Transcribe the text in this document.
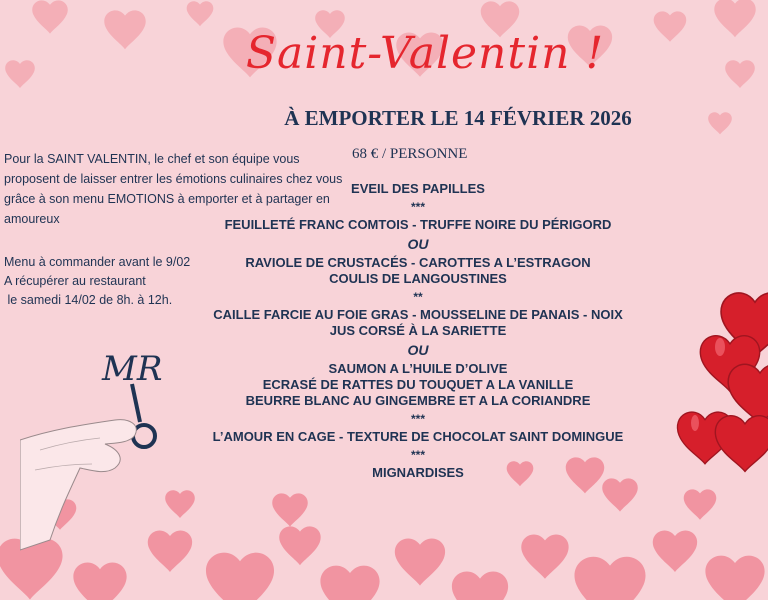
Saint-Valentin !
À EMPORTER LE 14 FÉVRIER 2026
Pour la SAINT VALENTIN, le chef et son équipe vous proposent de laisser entrer les émotions culinaires chez vous grâce à son menu EMOTIONS à emporter et à partager en amoureux
Menu à commander avant le 9/02
A récupérer au restaurant
le samedi 14/02 de 8h. à 12h.
68 € / PERSONNE
EVEIL DES PAPILLES
***
FEUILLETÉ FRANC COMTOIS - TRUFFE NOIRE DU PÉRIGORD
OU
RAVIOLE DE CRUSTACÉS - CAROTTES A L’ESTRAGON
COULIS DE LANGOUSTINES
**
CAILLE FARCIE AU FOIE GRAS - MOUSSELINE DE PANAIS - NOIX
JUS CORSÉ À LA SARIETTE
OU
SAUMON A L’HUILE D’OLIVE
ECRASÉ DE RATTES DU TOUQUET A LA VANILLE
BEURRE BLANC AU GINGEMBRE ET A LA CORIANDRE
***
L’AMOUR EN CAGE - TEXTURE DE CHOCOLAT SAINT DOMINGUE
***
MIGNARDISES
MR
